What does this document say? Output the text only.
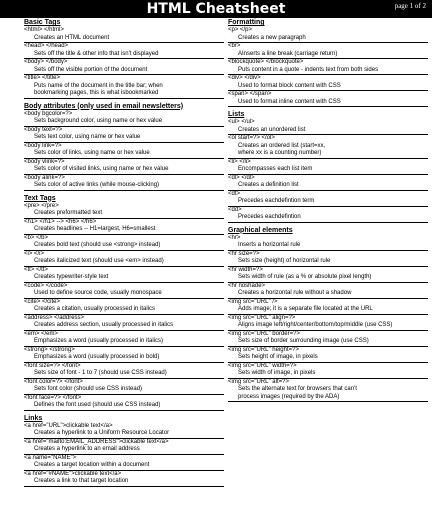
HTML Cheatsheet	page 1 of 2
Basic Tags
<html> </html>
Creates an HTML document
<head> </head>
Sets off the title & other info that isn't displayed
<body> </body>
Sets off the visible portion of the document
<title> </title>
Puts name of the document in the title bar; when
bookmarking pages, this is what isbookmarked
Body attributes (only used in email newsletters)
<body bgcolor=?>
Sets background color, using name or hex value
<body text=?>
Sets text color, using name or hex value
<body link=?>
Sets color of links, using name or hex value
<body vlink=?>
Sets color of visited links, using name or hex value
<body alink=?>
Sets color of active links (while mouse-clicking)
Text Tags
<pre> </pre>
Creates preformatted text
<h1> </h1> --> <h6> </h6>
Creates headlines -- H1=largest, H6=smallest
<b> </b>
Creates bold text (should use <strong> instead)
<i> </i>
Creates italicized text (should use <em> instead)
<tt> </tt>
Creates typewriter-style text
<code> </code>
Used to define source code, usually monospace
<cite> </cite>
Creates a citation, usually processed in italics
<address> </address>
Creates address section, usually processed in italics
<em> </em>
Emphasizes a word (usually processed in italics)
<strong> </strong>
Emphasizes a word (usually processed in bold)
<font size=?> </font>
Sets size of font - 1 to 7 (should use CSS instead)
<font color=?> </font>
Sets font color (should use CSS instead)
<font face=?> </font>
Defines the font used (should use CSS instead)
Links
<a href="URL">clickable text</a>
Creates a hyperlink to a Uniform Resource Locator
<a href="mailto:EMAIL_ADDRESS">clickable text</a>
Creates a hyperlink to an email address
<a name="NAME">
Creates a target location within a document
<a href="#NAME">clickable text</a>
Creates a link to that target location
Formatting
<p> </p>
Creates a new paragraph
<br>
AInserts a line break (carriage return)
<blockquote> </blockquote>
Puts content in a quote - indents text from both sides
<div> </div>
Used to format block content with CSS
<span> </span>
Used to format inline content with CSS
Lists
<ul> </ul>
Creates an unordered list
<ol start=?> </ol>
Creates an ordered list (start=xx,
where xx is a counting number)
<li> </li>
Encompasses each list item
<dl> </dl>
Creates a definition list
<dt>
Precedes eachdefintion term
<dd>
Precedes eachdefintion
Graphical elements
<hr>
Inserts a horizontal rule
<hr size=?>
Sets size (height) of horizontal rule
<hr width=?>
Sets width of rule (as a % or absolute pixel length)
<hr noshade>
Creates a horizontal rule without a shadow
<img src="URL" />
Adds image; it is a separate file located at the URL
<img src="URL" align=?>
Aligns image left/right/center/bottom/top/middle (use CSS)
<img src="URL" border=?>
Sets size of border surrounding image (use CSS)
<img src="URL" height=?>
Sets height of image, in pixels
<img src="URL" width=?>
Sets width of image, in pixels
<img src="URL" alt=?>
Sets the alternate text for browsers that can't
process images (required by the ADA)
